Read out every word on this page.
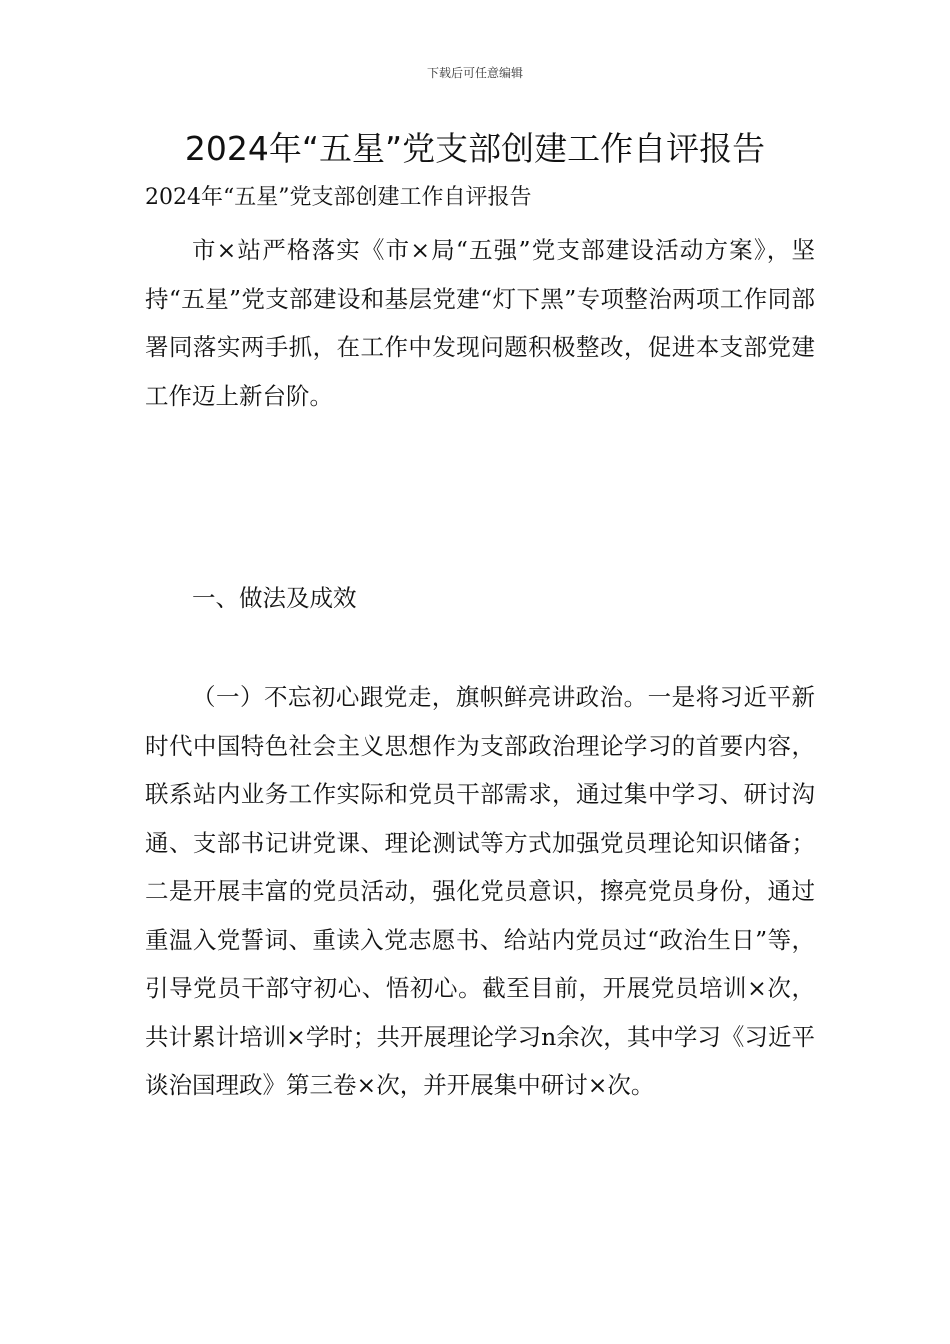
下载后可任意编辑
2024年“五星”党支部创建工作自评报告
2024年“五星”党支部创建工作自评报告

市×站严格落实《市×局“五强”党支部建设活动方案》，坚持“五星”党支部建设和基层党建“灯下黑”专项整治两项工作同部署同落实两手抓，在工作中发现问题积极整改，促进本支部党建工作迈上新台阶。

一、做法及成效

（一）不忘初心跟党走，旗帜鲜亮讲政治。一是将习近平新时代中国特色社会主义思想作为支部政治理论学习的首要内容，联系站内业务工作实际和党员干部需求，通过集中学习、研讨沟通、支部书记讲党课、理论测试等方式加强党员理论知识储备；二是开展丰富的党员活动，强化党员意识，擦亮党员身份，通过重温入党誓词、重读入党志愿书、给站内党员过“政治生日”等，引导党员干部守初心、悟初心。截至目前，开展党员培训×次，共计累计培训×学时；共开展理论学习n余次，其中学习《习近平谈治国理政》第三卷×次，并开展集中研讨×次。
